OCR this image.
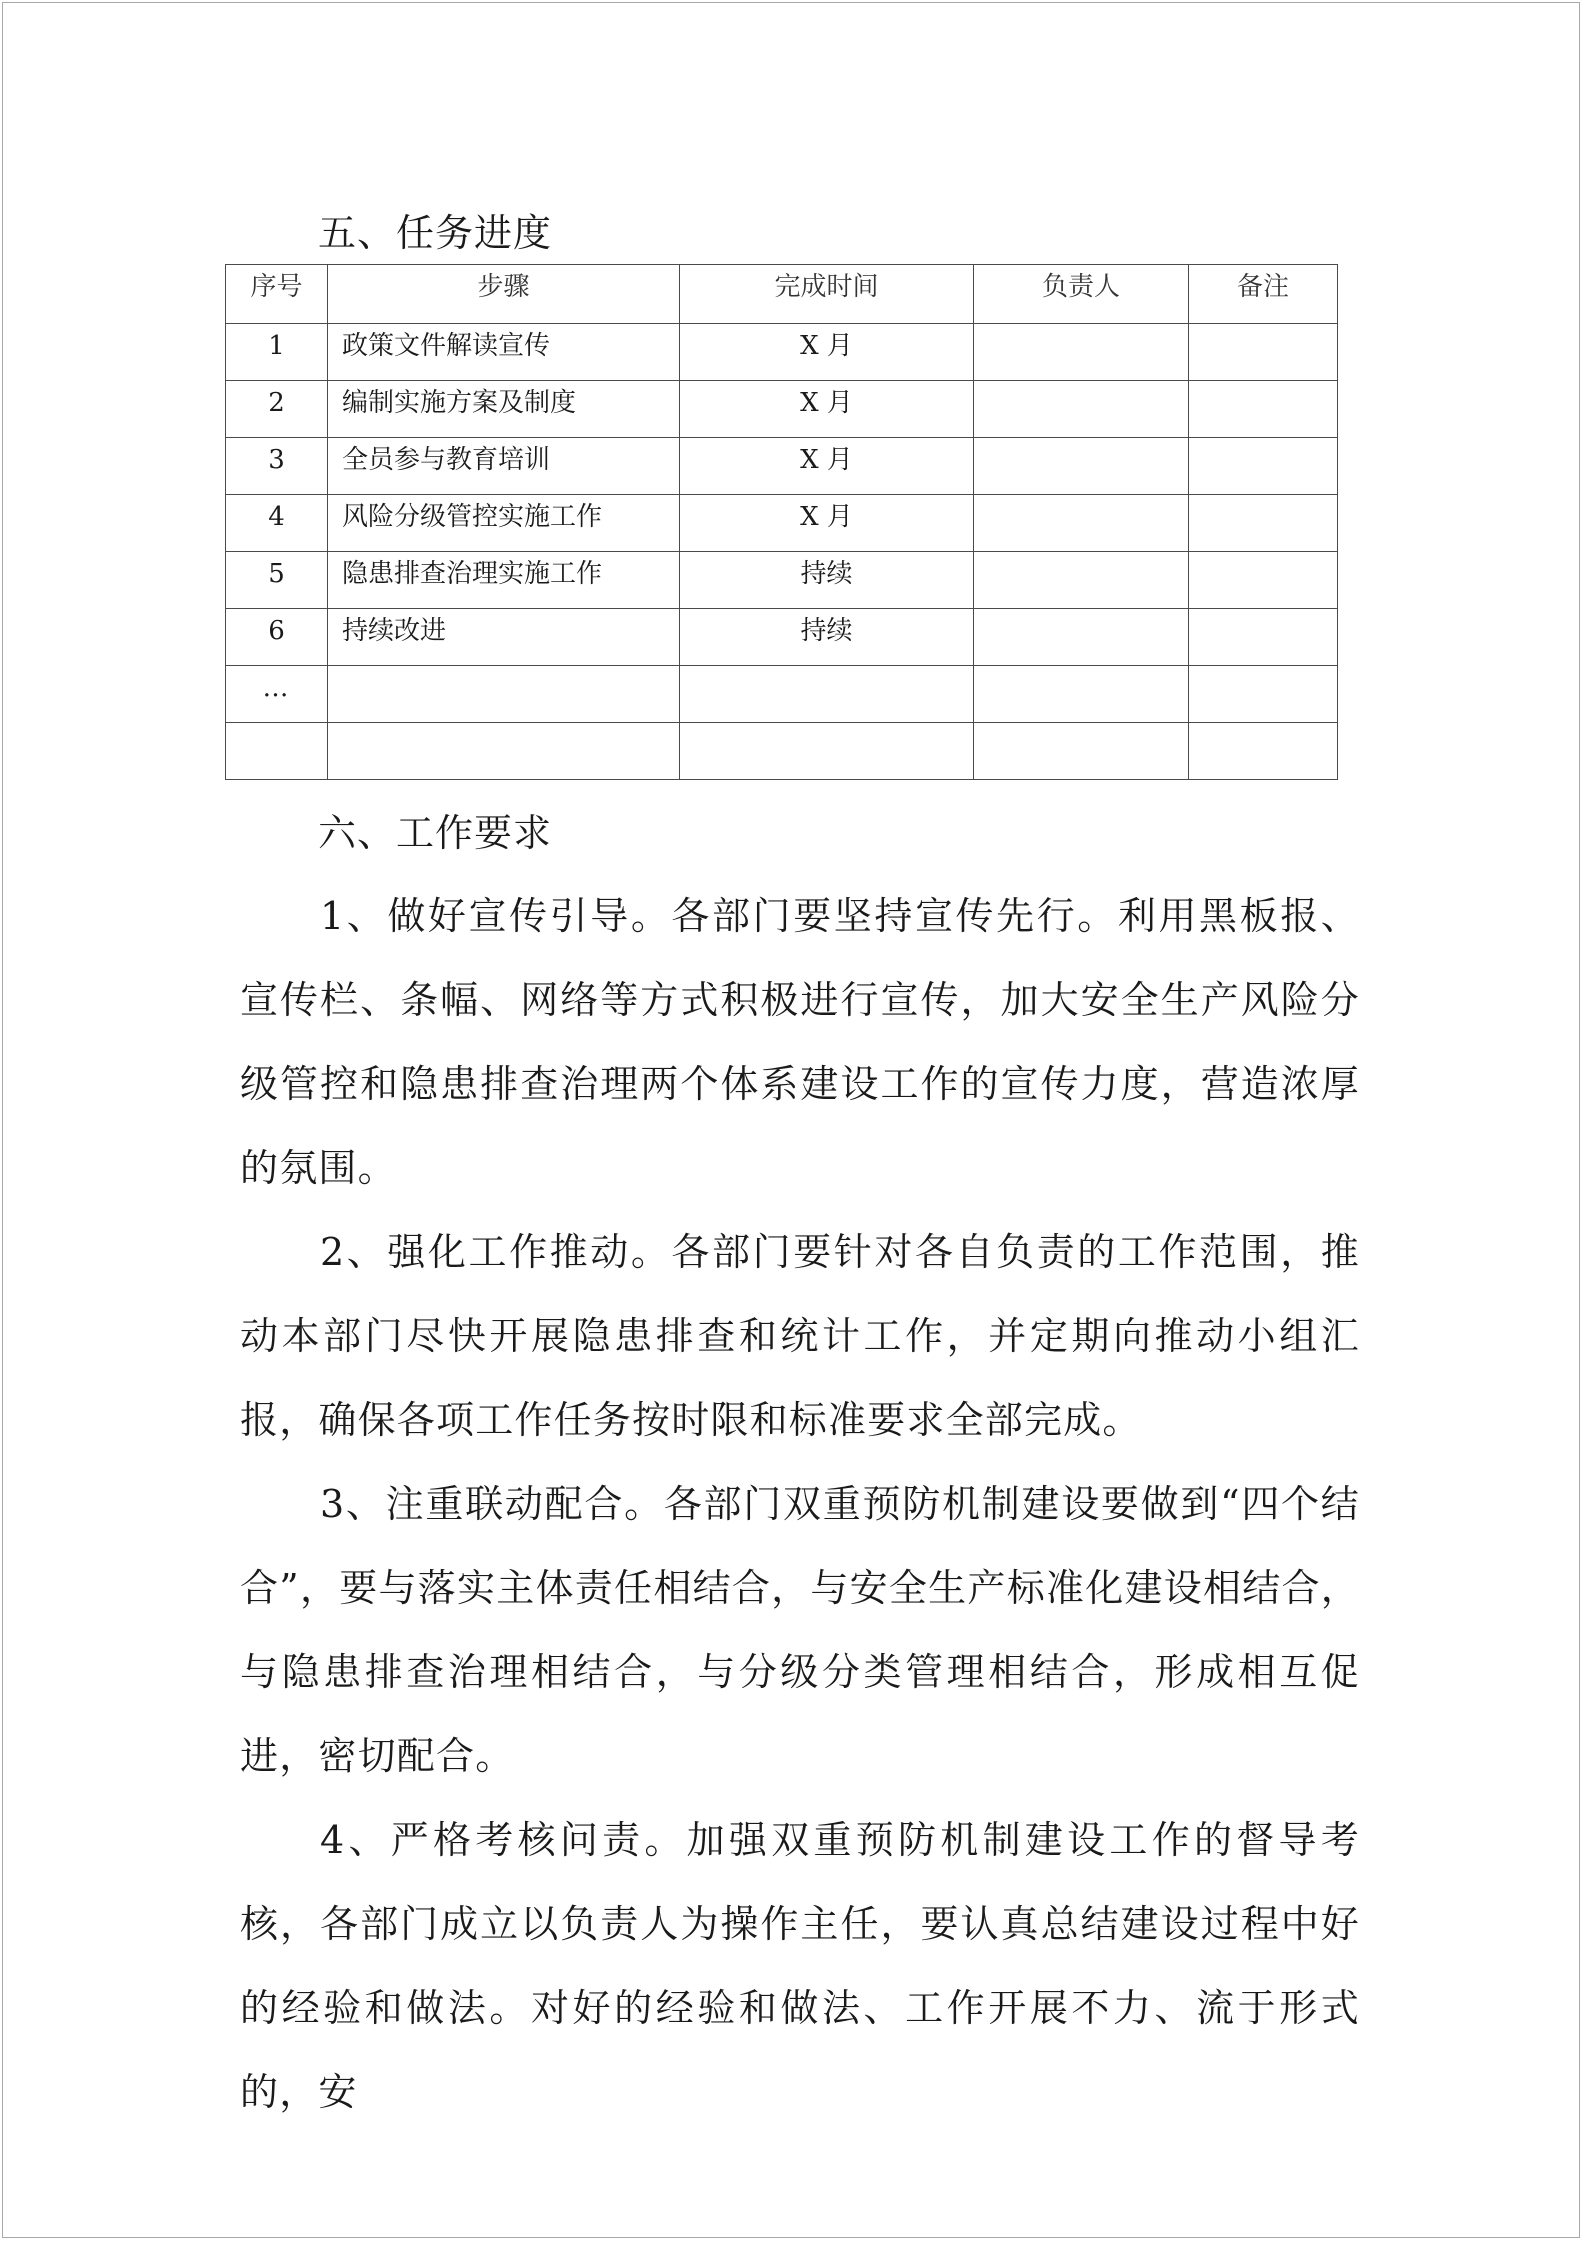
五、任务进度
序号	步骤	完成时间	负责人	备注
1	政策文件解读宣传	X 月		
2	编制实施方案及制度	X 月		
3	全员参与教育培训	X 月		
4	风险分级管控实施工作	X 月		
5	隐患排查治理实施工作	持续		
6	持续改进	持续		
…				

六、工作要求

1、做好宣传引导。各部门要坚持宣传先行。利用黑板报、宣传栏、条幅、网络等方式积极进行宣传，加大安全生产风险分级管控和隐患排查治理两个体系建设工作的宣传力度，营造浓厚的氛围。

2、强化工作推动。各部门要针对各自负责的工作范围，推动本部门尽快开展隐患排查和统计工作，并定期向推动小组汇报，确保各项工作任务按时限和标准要求全部完成。

3、注重联动配合。各部门双重预防机制建设要做到“四个结合”，要与落实主体责任相结合，与安全生产标准化建设相结合，与隐患排查治理相结合，与分级分类管理相结合，形成相互促进，密切配合。

4、严格考核问责。加强双重预防机制建设工作的督导考核，各部门成立以负责人为操作主任，要认真总结建设过程中好的经验和做法。对好的经验和做法、工作开展不力、流于形式的，安
